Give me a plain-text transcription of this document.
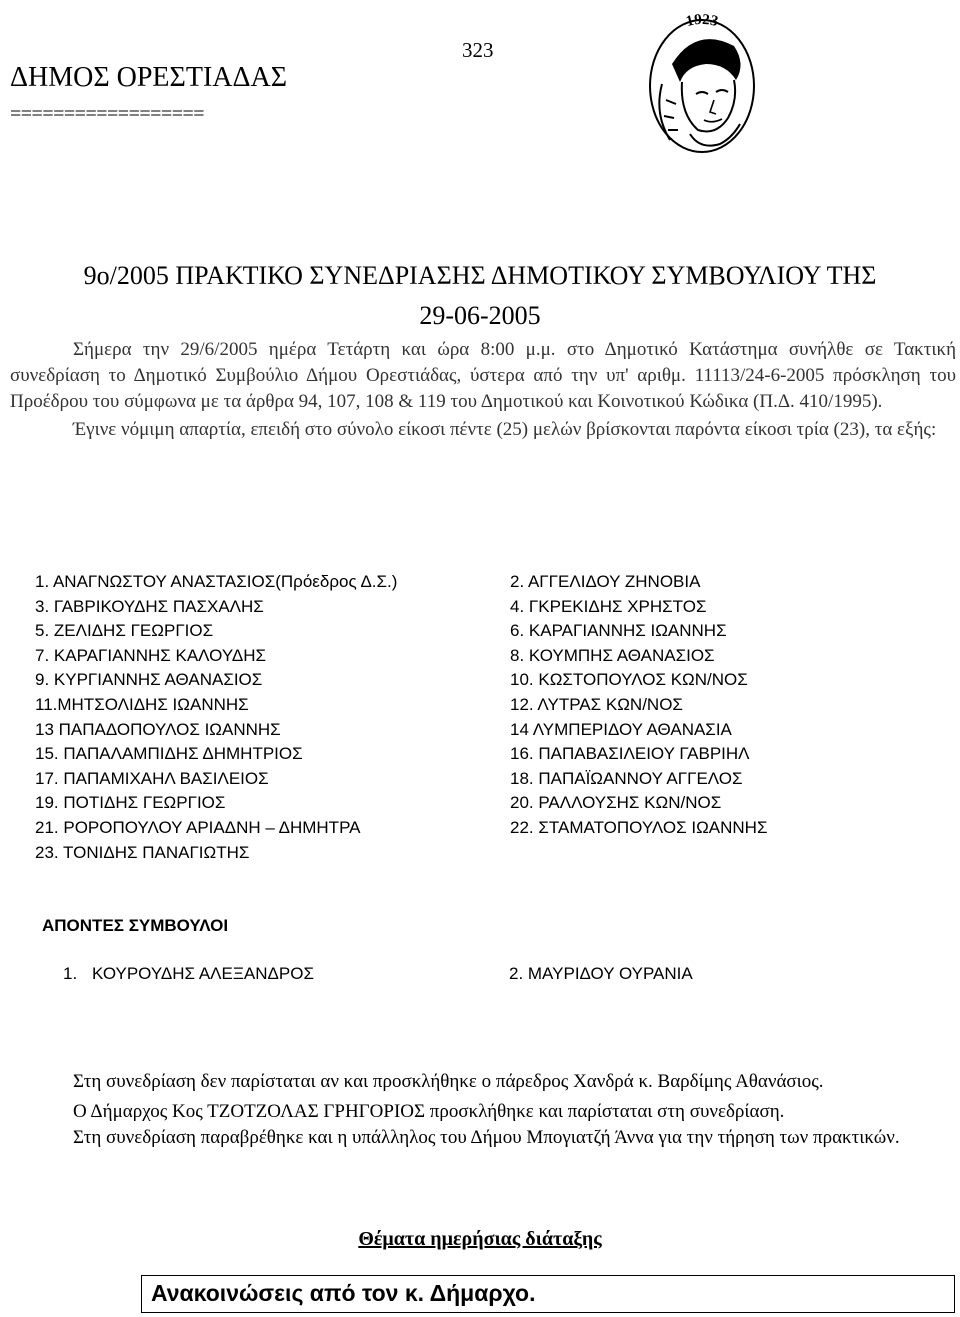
323
ΔΗΜΟΣ ΟΡΕΣΤΙΑΔΑΣ
==================
1923
9ο/2005 ΠΡΑΚΤΙΚΟ ΣΥΝΕΔΡΙΑΣΗΣ ΔΗΜΟΤΙΚΟΥ ΣΥΜΒΟΥΛΙΟΥ ΤΗΣ
29-06-2005

Σήμερα την 29/6/2005 ημέρα Τετάρτη και ώρα 8:00 μ.μ. στο Δημοτικό Κατάστημα συνήλθε σε Τακτική συνεδρίαση το Δημοτικό Συμβούλιο Δήμου Ορεστιάδας, ύστερα από την υπ' αριθμ. 11113/24-6-2005 πρόσκληση του Προέδρου του σύμφωνα με τα άρθρα 94, 107, 108 & 119 του Δημοτικού και Κοινοτικού Κώδικα (Π.Δ. 410/1995).

Έγινε νόμιμη απαρτία, επειδή στο σύνολο είκοσι πέντε (25) μελών βρίσκονται παρόντα είκοσι τρία (23), τα εξής:

1. ΑΝΑΓΝΩΣΤΟΥ ΑΝΑΣΤΑΣΙΟΣ(Πρόεδρος Δ.Σ.)	2. ΑΓΓΕΛΙΔΟΥ ΖΗΝΟΒΙΑ
3. ΓΑΒΡΙΚΟΥΔΗΣ ΠΑΣΧΑΛΗΣ	4. ΓΚΡΕΚΙΔΗΣ ΧΡΗΣΤΟΣ
5. ΖΕΛΙΔΗΣ ΓΕΩΡΓΙΟΣ	6. ΚΑΡΑΓΙΑΝΝΗΣ ΙΩΑΝΝΗΣ
7. ΚΑΡΑΓΙΑΝΝΗΣ ΚΑΛΟΥΔΗΣ	8. ΚΟΥΜΠΗΣ ΑΘΑΝΑΣΙΟΣ
9. ΚΥΡΓΙΑΝΝΗΣ ΑΘΑΝΑΣΙΟΣ	10. ΚΩΣΤΟΠΟΥΛΟΣ ΚΩΝ/ΝΟΣ
11.ΜΗΤΣΟΛΙΔΗΣ ΙΩΑΝΝΗΣ	12. ΛΥΤΡΑΣ ΚΩΝ/ΝΟΣ
13 ΠΑΠΑΔΟΠΟΥΛΟΣ ΙΩΑΝΝΗΣ	14 ΛΥΜΠΕΡΙΔΟΥ ΑΘΑΝΑΣΙΑ
15. ΠΑΠΑΛΑΜΠΙΔΗΣ ΔΗΜΗΤΡΙΟΣ	16. ΠΑΠΑΒΑΣΙΛΕΙΟΥ ΓΑΒΡΙΗΛ
17. ΠΑΠΑΜΙΧΑΗΛ ΒΑΣΙΛΕΙΟΣ	18. ΠΑΠΑΪΩΑΝΝΟΥ ΑΓΓΕΛΟΣ
19. ΠΟΤΙΔΗΣ ΓΕΩΡΓΙΟΣ	20. ΡΑΛΛΟΥΣΗΣ ΚΩΝ/ΝΟΣ
21. ΡΟΡΟΠΟΥΛΟΥ ΑΡΙΑΔΝΗ – ΔΗΜΗΤΡΑ	22. ΣΤΑΜΑΤΟΠΟΥΛΟΣ ΙΩΑΝΝΗΣ
23. ΤΟΝΙΔΗΣ ΠΑΝΑΓΙΩΤΗΣ
ΑΠΟΝΤΕΣ ΣΥΜΒΟΥΛΟΙ
1. ΚΟΥΡΟΥΔΗΣ ΑΛΕΞΑΝΔΡΟΣ	2. ΜΑΥΡΙΔΟΥ ΟΥΡΑΝΙΑ

Στη συνεδρίαση δεν παρίσταται αν και προσκλήθηκε ο πάρεδρος Χανδρά κ. Βαρδίμης Αθανάσιος.

Ο Δήμαρχος Κος ΤΖΟΤΖΟΛΑΣ ΓΡΗΓΟΡΙΟΣ προσκλήθηκε και παρίσταται στη συνεδρίαση.

Στη συνεδρίαση παραβρέθηκε και η υπάλληλος του Δήμου Μπογιατζή Άννα για την τήρηση των πρακτικών.

Θέματα ημερήσιας διάταξης
Ανακοινώσεις από τον κ. Δήμαρχο.
